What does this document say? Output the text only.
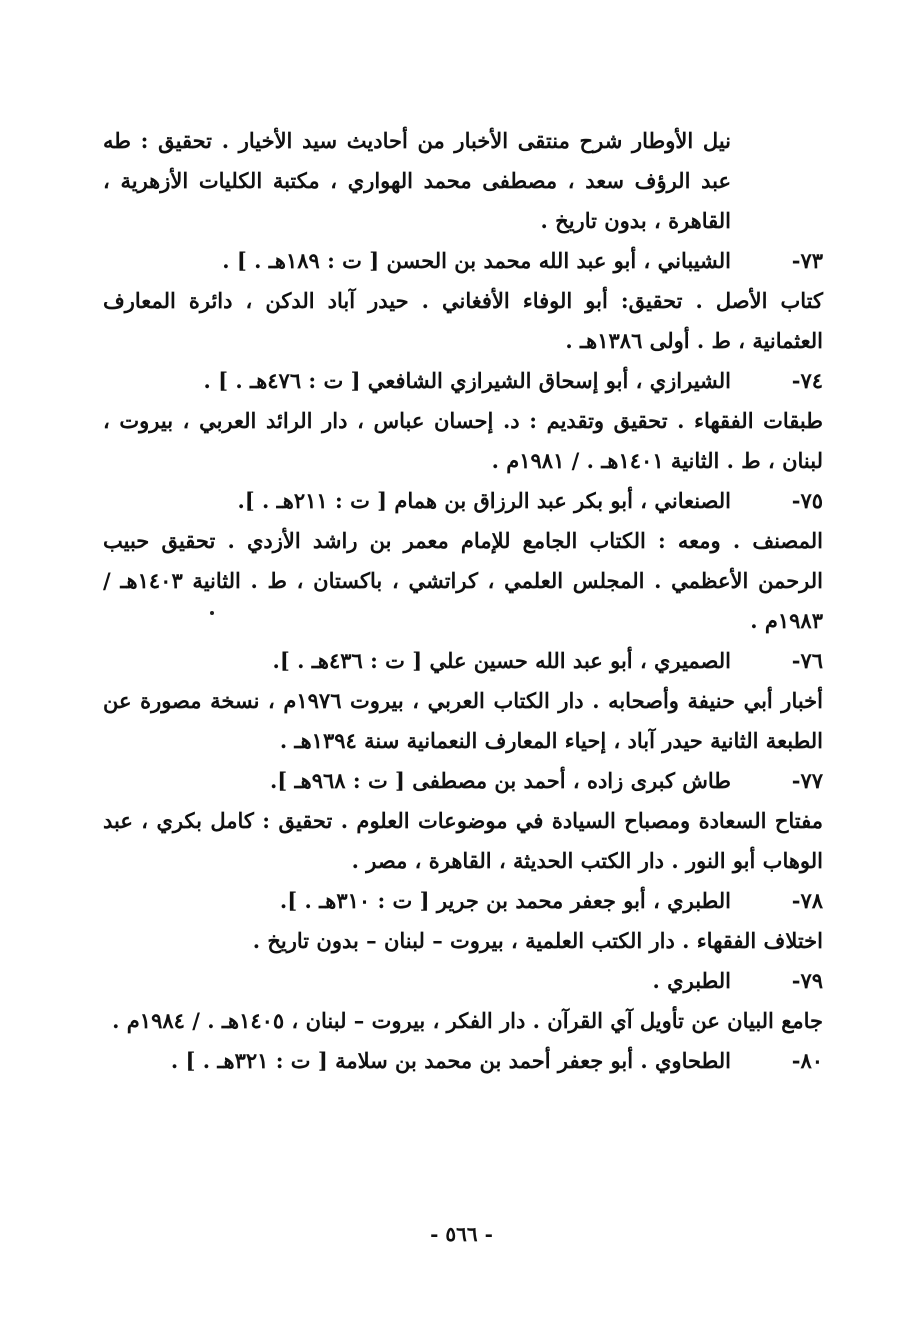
نيل الأوطار شرح منتقى الأخبار من أحاديث سيد الأخيار . تحقيق : طه عبد الرؤف سعد ، مصطفى محمد الهواري ، مكتبة الكليات الأزهرية ، القاهرة ، بدون تاريخ .

٧٣-
الشيباني ، أبو عبد الله محمد بن الحسن [ ت : ١٨٩هـ . ] .
كتاب الأصل . تحقيق: أبو الوفاء الأفغاني . حيدر آباد الدكن ، دائرة المعارف العثمانية ، ط . أولى ١٣٨٦هـ .
٧٤-
الشيرازي ، أبو إسحاق الشيرازي الشافعي [ ت : ٤٧٦هـ . ] .
طبقات الفقهاء . تحقيق وتقديم : د. إحسان عباس ، دار الرائد العربي ، بيروت ، لبنان ، ط . الثانية ١٤٠١هـ . / ١٩٨١م .
٧٥-
الصنعاني ، أبو بكر عبد الرزاق بن همام [ ت : ٢١١هـ . ].
المصنف . ومعه : الكتاب الجامع للإمام معمر بن راشد الأزدي . تحقيق حبيب الرحمن الأعظمي . المجلس العلمي ، كراتشي ، باكستان ، ط . الثانية ١٤٠٣هـ / ١٩٨٣م .
٧٦-
الصميري ، أبو عبد الله حسين علي [ ت : ٤٣٦هـ . ].
أخبار أبي حنيفة وأصحابه . دار الكتاب العربي ، بيروت ١٩٧٦م ، نسخة مصورة عن الطبعة الثانية حيدر آباد ، إحياء المعارف النعمانية سنة ١٣٩٤هـ .
٧٧-
طاش كبرى زاده ، أحمد بن مصطفى [ ت : ٩٦٨هـ ].
مفتاح السعادة ومصباح السيادة في موضوعات العلوم . تحقيق : كامل بكري ، عبد الوهاب أبو النور . دار الكتب الحديثة ، القاهرة ، مصر .
٧٨-
الطبري ، أبو جعفر محمد بن جرير [ ت : ٣١٠هـ . ].
اختلاف الفقهاء . دار الكتب العلمية ، بيروت – لبنان – بدون تاريخ .
٧٩-
الطبري .
جامع البيان عن تأويل آي القرآن . دار الفكر ، بيروت – لبنان ، ١٤٠٥هـ . / ١٩٨٤م .
٨٠-
الطحاوي . أبو جعفر أحمد بن محمد بن سلامة [ ت : ٣٢١هـ . ] .
- ٥٦٦ -
